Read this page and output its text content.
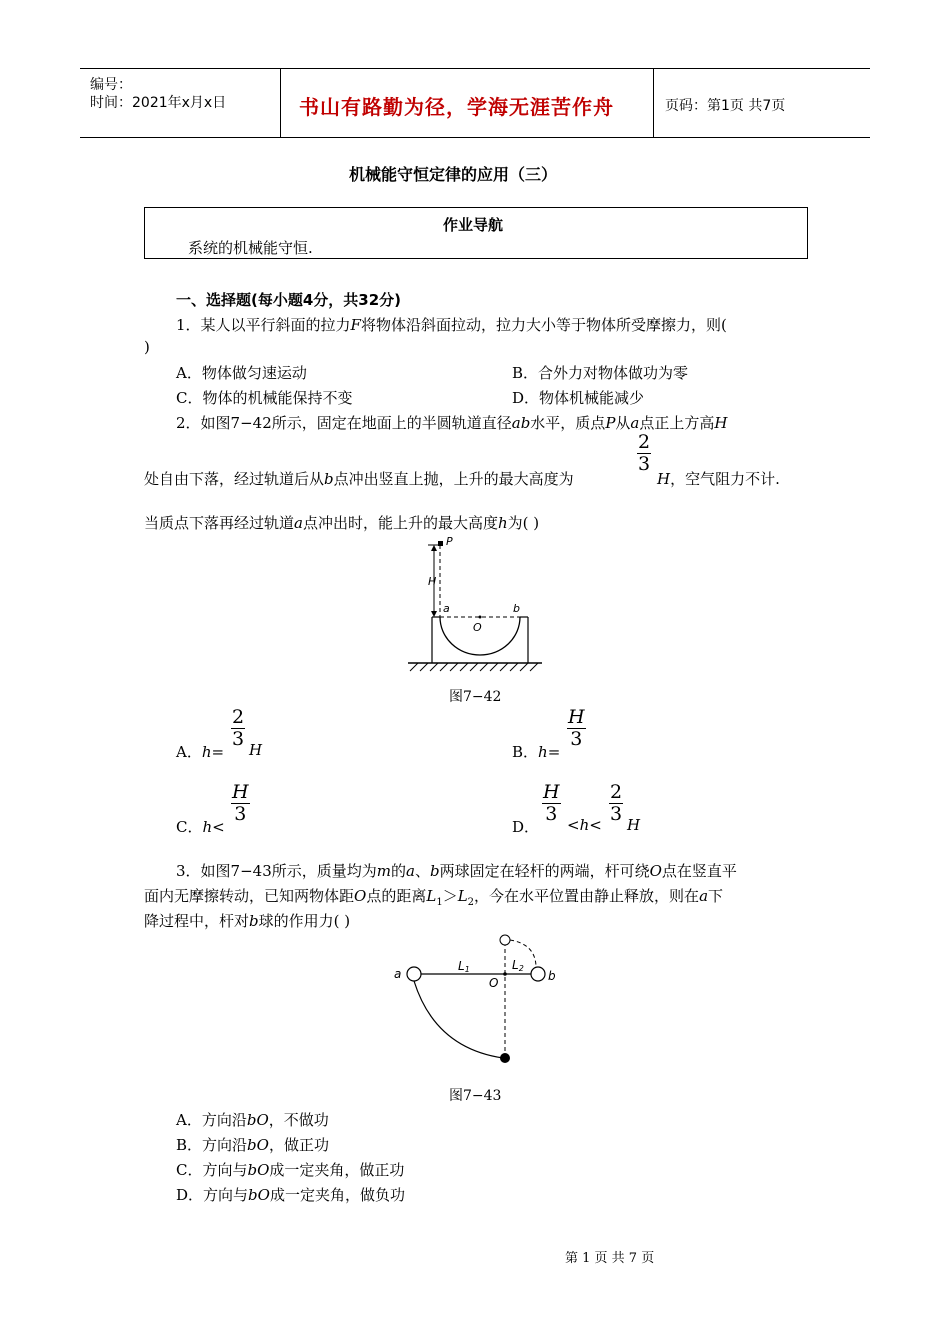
编号：
时间：2021年x月x日	书山有路勤为径，学海无涯苦作舟	页码：第1页 共7页
机械能守恒定律的应用（三）
作业导航
系统的机械能守恒.
一、选择题(每小题4分，共32分)
1．某人以平行斜面的拉力F将物体沿斜面拉动，拉力大小等于物体所受摩擦力，则(
)
A．物体做匀速运动	B．合外力对物体做功为零
C．物体的机械能保持不变	D．物体机械能减少
2．如图7−42所示，固定在地面上的半圆轨道直径ab水平，质点P从a点正上方高H
处自由下落，经过轨道后从b点冲出竖直上抛，上升的最大高度为
$\frac{2}{3}$
H，空气阻力不计.
当质点下落再经过轨道a点冲出时，能上升的最大高度h为( )
P
H
a	b
O
图7−42
A．h=
$\frac{2}{3}$ H	B．h=
$\frac{H}{3}$
C．h<
$\frac{H}{3}$
D．
$\frac{H}{3} <h< \frac{2}{3}$ H
3．如图7−43所示，质量均为m的a、b两球固定在轻杆的两端，杆可绕O点在竖直平
面内无摩擦转动，已知两物体距O点的距离$L_1>L_2$，今在水平位置由静止释放，则在a下
降过程中，杆对b球的作用力( )
a	b
O
L1	L2
图7−43
A．方向沿bO，不做功
B．方向沿bO，做正功
C．方向与bO成一定夹角，做正功
D．方向与bO成一定夹角，做负功
第 1 页 共 7 页
